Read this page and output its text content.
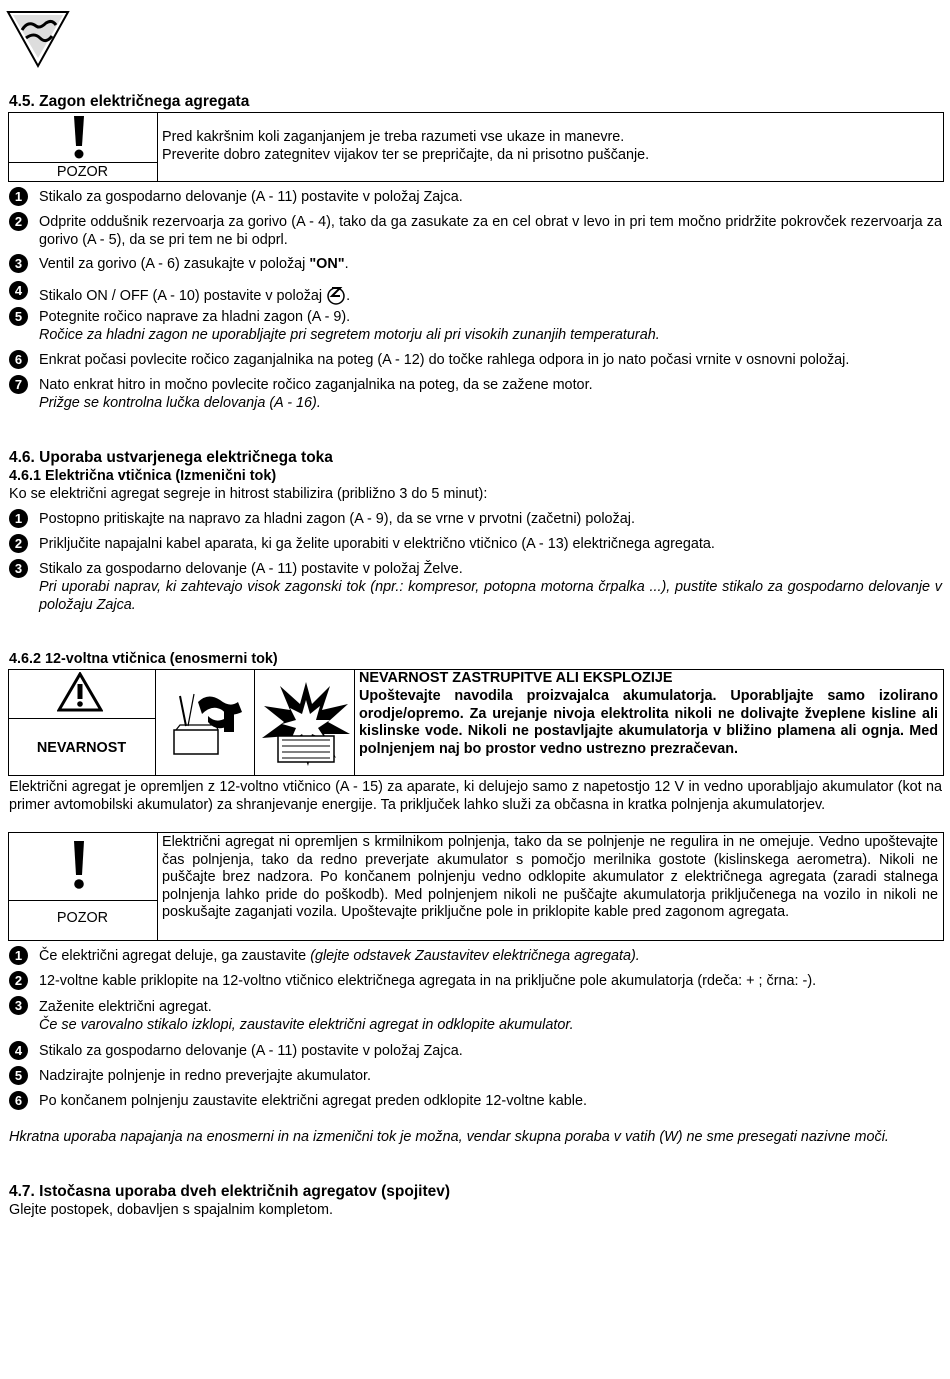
4.5. Zagon električnega agregata
POZOR
Pred kakršnim koli zaganjanjem je treba razumeti vse ukaze in manevre.
Preverite dobro zategnitev vijakov ter se prepričajte, da ni prisotno puščanje.
1	Stikalo za gospodarno delovanje (A - 11) postavite v položaj Zajca.
2	Odprite oddušnik rezervoarja za gorivo (A - 4), tako da ga zasukate za en cel obrat v levo in pri tem močno pridržite pokrovček rezervoarja za gorivo (A - 5), da se pri tem ne bi odprl.
3	Ventil za gorivo (A - 6) zasukajte v položaj "ON".
4	Stikalo ON / OFF (A - 10) postavite v položaj .
5	Potegnite ročico naprave za hladni zagon (A - 9).
Ročice za hladni zagon ne uporabljajte pri segretem motorju ali pri visokih zunanjih temperaturah.
6	Enkrat počasi povlecite ročico zaganjalnika na poteg (A - 12) do točke rahlega odpora in jo nato počasi vrnite v osnovni položaj.
7	Nato enkrat hitro in močno povlecite ročico zaganjalnika na poteg, da se zažene motor.
Prižge se kontrolna lučka delovanja (A - 16).
4.6. Uporaba ustvarjenega električnega toka
4.6.1 Električna vtičnica (Izmenični tok)
Ko se električni agregat segreje in hitrost stabilizira (približno 3 do 5 minut):
1	Postopno pritiskajte na napravo za hladni zagon (A - 9), da se vrne v prvotni (začetni) položaj.
2	Priključite napajalni kabel aparata, ki ga želite uporabiti v električno vtičnico (A - 13) električnega agregata.
3	Stikalo za gospodarno delovanje (A - 11) postavite v položaj Želve.
Pri uporabi naprav, ki zahtevajo visok zagonski tok (npr.: kompresor, potopna motorna črpalka ...), pustite stikalo za gospodarno delovanje v položaju Zajca.
4.6.2 12-voltna vtičnica (enosmerni tok)
NEVARNOST
NEVARNOST ZASTRUPITVE ALI EKSPLOZIJE
Upoštevajte navodila proizvajalca akumulatorja. Uporabljajte samo izolirano orodje/opremo. Za urejanje nivoja elektrolita nikoli ne dolivajte žveplene kisline ali kislinske vode. Nikoli ne postavljajte akumulatorja v bližino plamena ali ognja. Med polnjenjem naj bo prostor vedno ustrezno prezračevan.
Električni agregat je opremljen z 12-voltno vtičnico (A - 15) za aparate, ki delujejo samo z napetostjo 12 V in vedno uporabljajo akumulator (kot na primer avtomobilski akumulator) za shranjevanje energije. Ta priključek lahko služi za občasna in kratka polnjenja akumulatorjev.
POZOR
Električni agregat ni opremljen s krmilnikom polnjenja, tako da se polnjenje ne regulira in ne omejuje. Vedno upoštevajte čas polnjenja, tako da redno preverjate akumulator s pomočjo merilnika gostote (kislinskega aerometra). Nikoli ne puščajte brez nadzora. Po končanem polnjenju vedno odklopite akumulator z električnega agregata (zaradi stalnega polnjenja lahko pride do poškodb). Med polnjenjem nikoli ne puščajte akumulatorja priključenega na vozilo in nikoli ne poskušajte zaganjati vozila. Upoštevajte priključne pole in priklopite kable pred zagonom agregata.
1	Če električni agregat deluje, ga zaustavite (glejte odstavek Zaustavitev električnega agregata).
2	12-voltne kable priklopite na 12-voltno vtičnico električnega agregata in na priključne pole akumulatorja (rdeča: + ; črna: -).
3	Zaženite električni agregat.
Če se varovalno stikalo izklopi, zaustavite električni agregat in odklopite akumulator.
4	Stikalo za gospodarno delovanje (A - 11) postavite v položaj Zajca.
5	Nadzirajte polnjenje in redno preverjajte akumulator.
6	Po končanem polnjenju zaustavite električni agregat preden odklopite 12-voltne kable.
Hkratna uporaba napajanja na enosmerni in na izmenični tok je možna, vendar skupna poraba v vatih (W) ne sme presegati nazivne moči.
4.7. Istočasna uporaba dveh električnih agregatov (spojitev)
Glejte postopek, dobavljen s spajalnim kompletom.
